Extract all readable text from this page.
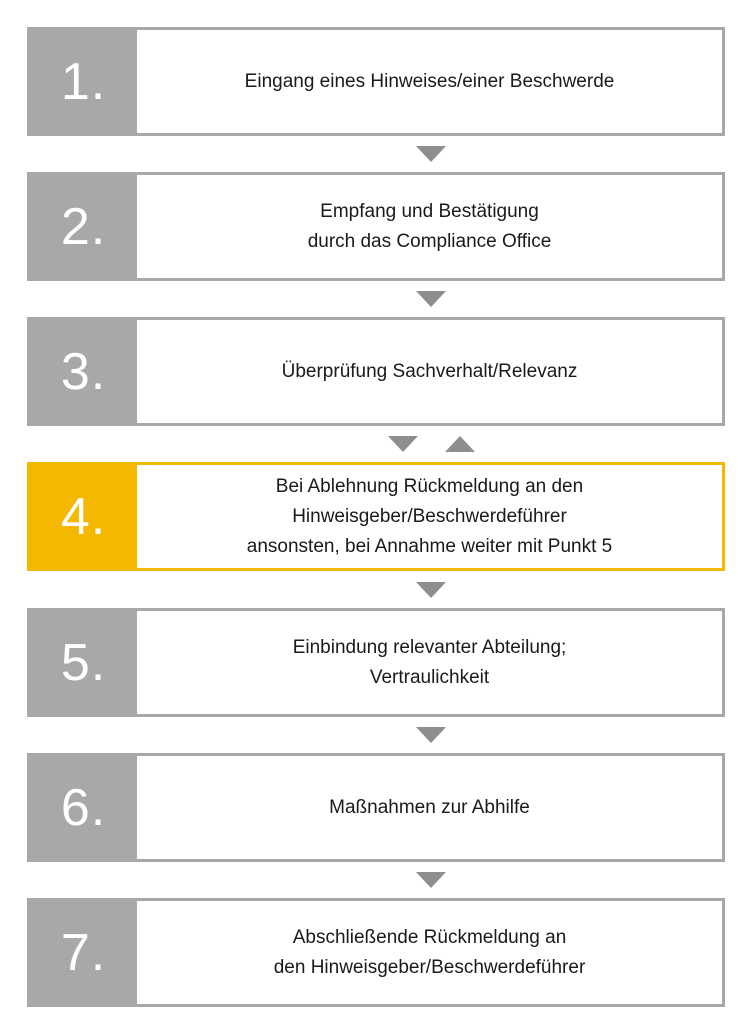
1.	Eingang eines Hinweises/einer Beschwerde
2.	Empfang und Bestätigung
durch das Compliance Office
3.	Überprüfung Sachverhalt/Relevanz
4.
Bei Ablehnung Rückmeldung an den
Hinweisgeber/Beschwerdeführer
ansonsten, bei Annahme weiter mit Punkt 5
5.	Einbindung relevanter Abteilung;
Vertraulichkeit
6.	Maßnahmen zur Abhilfe
7.	Abschließende Rückmeldung an
den Hinweisgeber/Beschwerdeführer
